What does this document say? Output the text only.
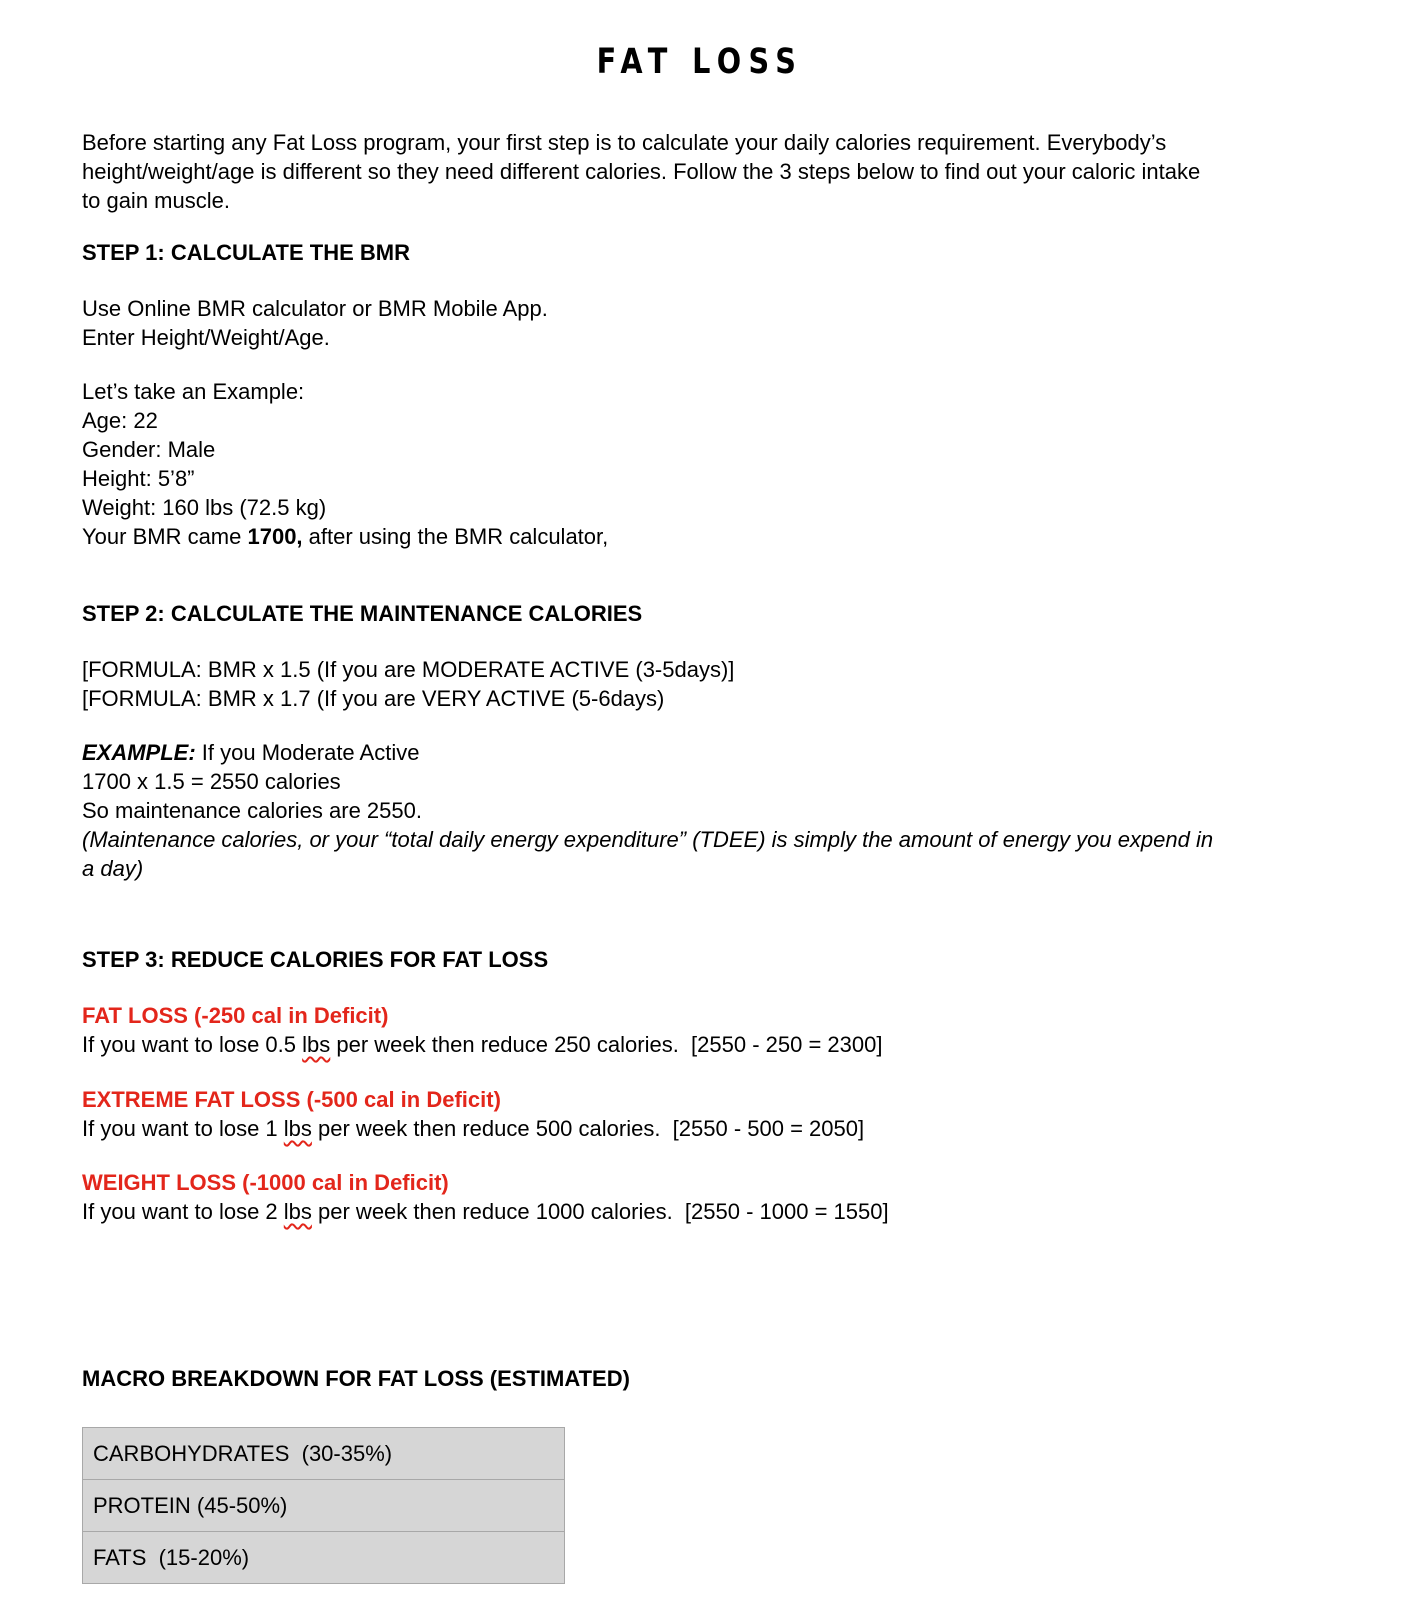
FAT LOSS
Before starting any Fat Loss program, your first step is to calculate your daily calories requirement. Everybody’s
height/weight/age is different so they need different calories. Follow the 3 steps below to find out your caloric intake
to gain muscle.
STEP 1: CALCULATE THE BMR
Use Online BMR calculator or BMR Mobile App.
Enter Height/Weight/Age.
Let’s take an Example:
Age: 22
Gender: Male
Height: 5’8”
Weight: 160 lbs (72.5 kg)
Your BMR came 1700, after using the BMR calculator,
STEP 2: CALCULATE THE MAINTENANCE CALORIES
[FORMULA: BMR x 1.5 (If you are MODERATE ACTIVE (3-5days)]
[FORMULA: BMR x 1.7 (If you are VERY ACTIVE (5-6days)
EXAMPLE: If you Moderate Active
1700 x 1.5 = 2550 calories
So maintenance calories are 2550.
(Maintenance calories, or your “total daily energy expenditure” (TDEE) is simply the amount of energy you expend in
a day)
STEP 3: REDUCE CALORIES FOR FAT LOSS
FAT LOSS (-250 cal in Deficit)
If you want to lose 0.5 lbs per week then reduce 250 calories.  [2550 - 250 = 2300]
EXTREME FAT LOSS (-500 cal in Deficit)
If you want to lose 1 lbs per week then reduce 500 calories.  [2550 - 500 = 2050]
WEIGHT LOSS (-1000 cal in Deficit)
If you want to lose 2 lbs per week then reduce 1000 calories.  [2550 - 1000 = 1550]
MACRO BREAKDOWN FOR FAT LOSS (ESTIMATED)
CARBOHYDRATES  (30-35%)
PROTEIN (45-50%)
FATS  (15-20%)
